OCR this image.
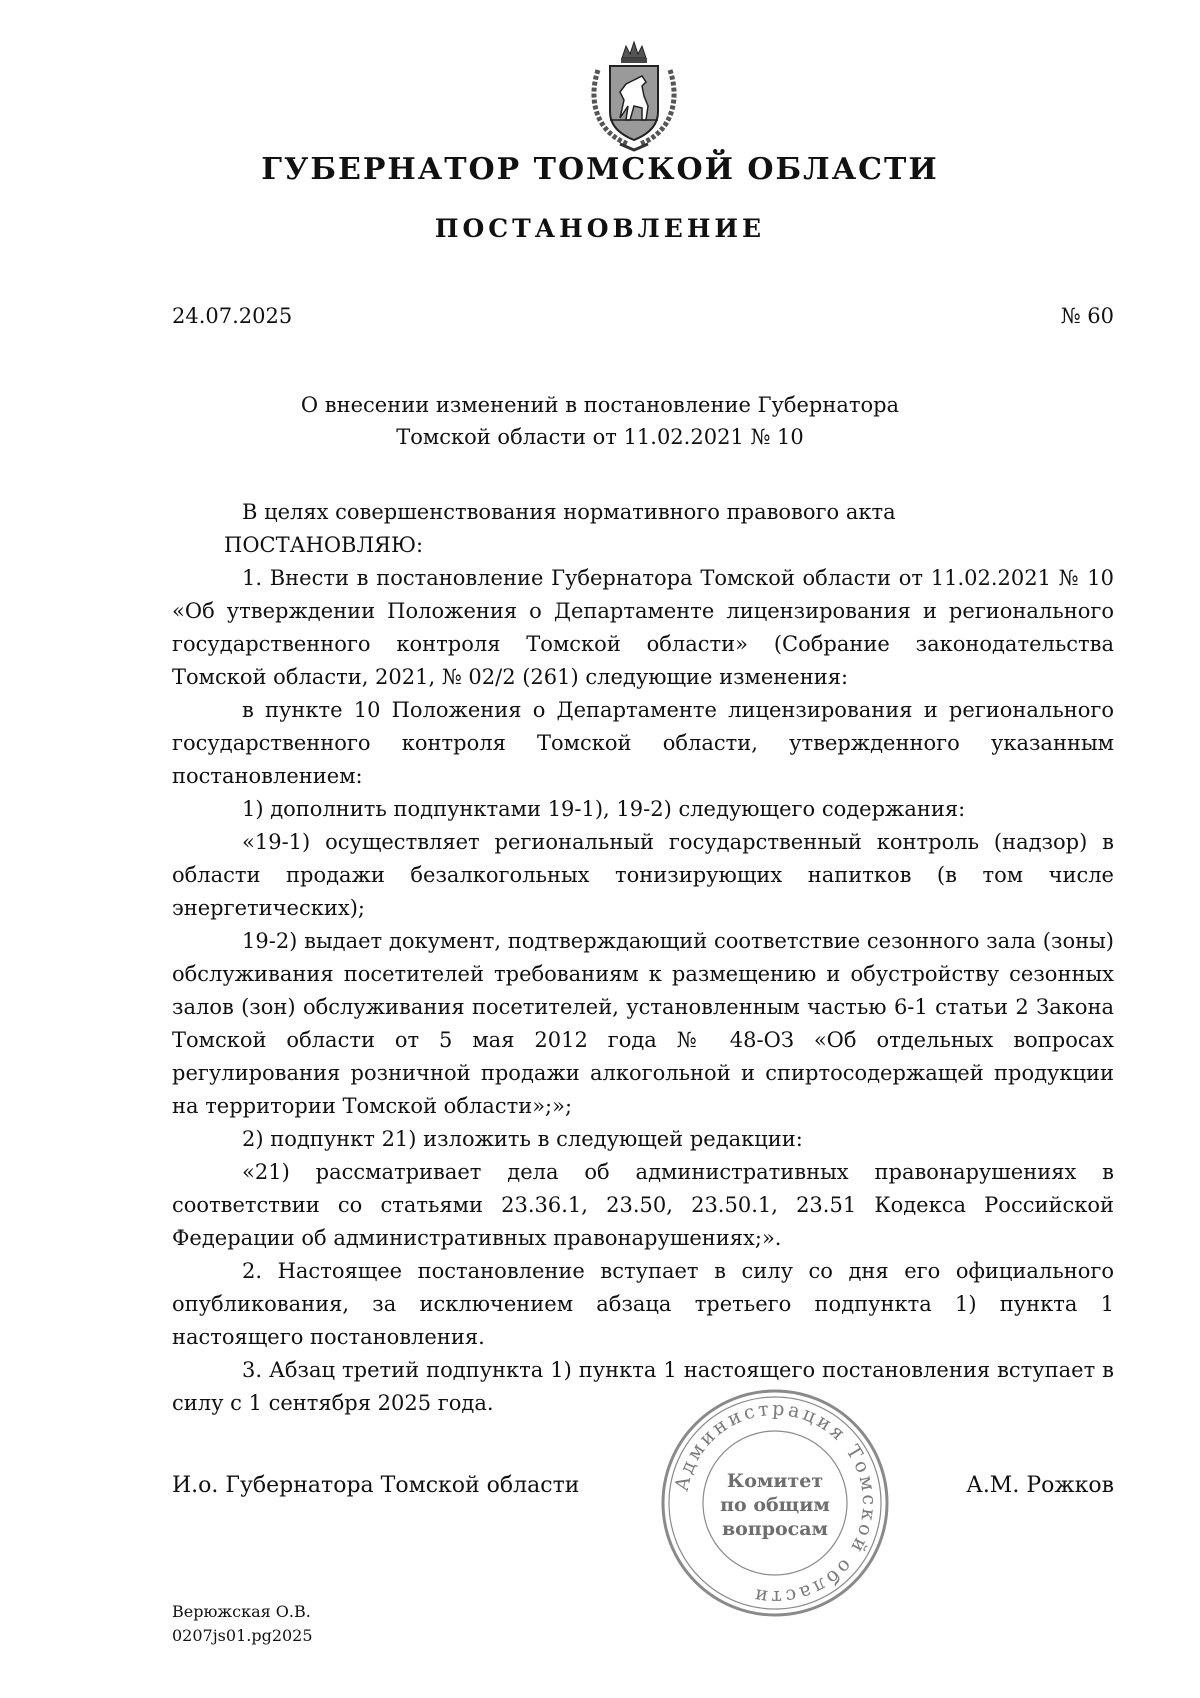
ГУБЕРНАТОР ТОМСКОЙ ОБЛАСТИ
ПОСТАНОВЛЕНИЕ
24.07.2025	№ 60
О внесении изменений в постановление Губернатора
Томской области от 11.02.2021 № 10

В целях совершенствования нормативного правового акта

ПОСТАНОВЛЯЮ:

1. Внести в постановление Губернатора Томской области от 11.02.2021 № 10 «Об утверждении Положения о Департаменте лицензирования и регионального государственного контроля Томской области» (Собрание законодательства Томской области, 2021, № 02/2 (261) следующие изменения:

в пункте 10 Положения о Департаменте лицензирования и регионального государственного контроля Томской области, утвержденного указанным постановлением:

1) дополнить подпунктами 19-1), 19-2) следующего содержания:

«19-1) осуществляет региональный государственный контроль (надзор) в области продажи безалкогольных тонизирующих напитков (в том числе энергетических);

19-2) выдает документ, подтверждающий соответствие сезонного зала (зоны) обслуживания посетителей требованиям к размещению и обустройству сезонных залов (зон) обслуживания посетителей, установленным частью 6-1 статьи 2 Закона Томской области от 5 мая 2012 года № 48-ОЗ «Об отдельных вопросах регулирования розничной продажи алкогольной и спиртосодержащей продукции на территории Томской области»;»;

2) подпункт 21) изложить в следующей редакции:

«21) рассматривает дела об административных правонарушениях в соответствии со статьями 23.36.1, 23.50, 23.50.1, 23.51 Кодекса Российской Федерации об административных правонарушениях;».

2. Настоящее постановление вступает в силу со дня его официального опубликования, за исключением абзаца третьего подпункта 1) пункта 1 настоящего постановления.

3. Абзац третий подпункта 1) пункта 1 настоящего постановления вступает в силу с 1 сентября 2025 года.

Администрация Томской области
Комитет
по общим
вопросам
И.о. Губернатора Томской области	А.М. Рожков
Верюжская О.В.
0207js01.pg2025
